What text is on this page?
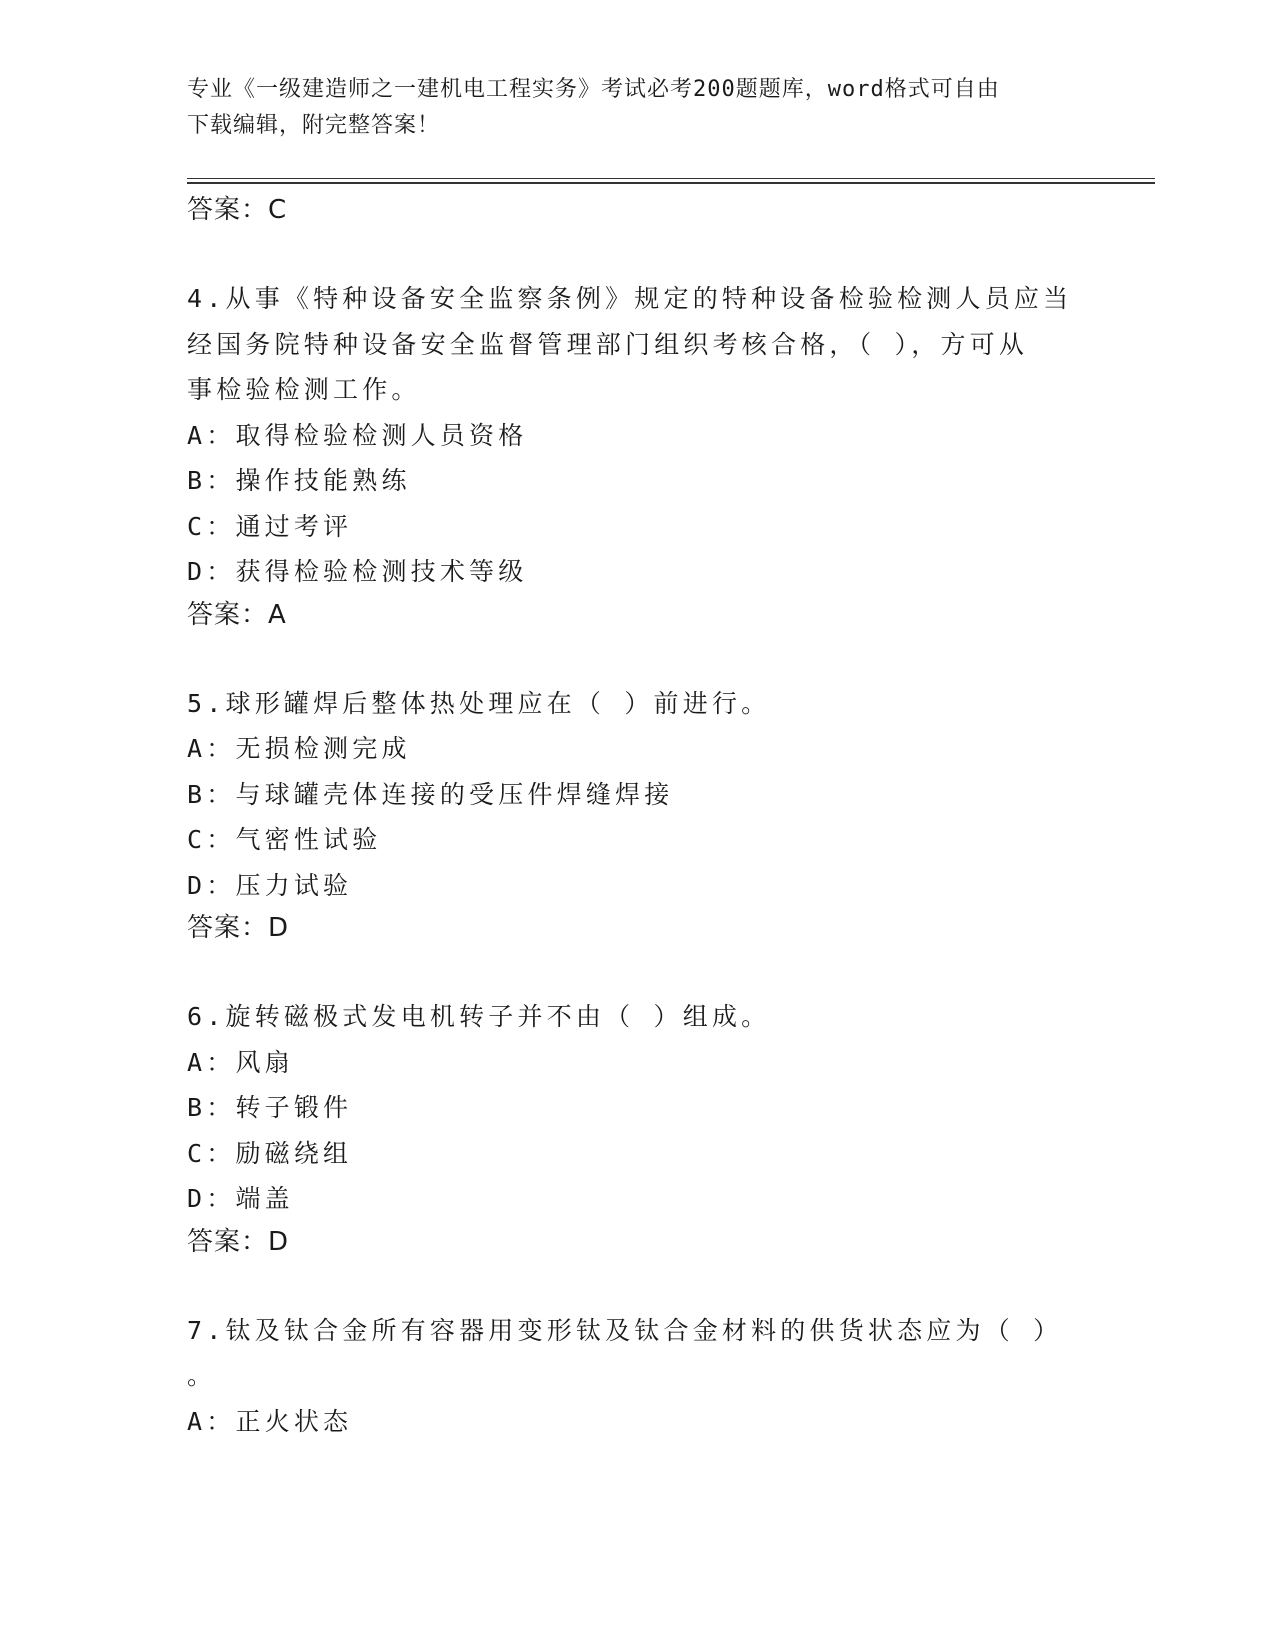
专业《一级建造师之一建机电工程实务》考试必考200题题库，word格式可自由
下载编辑，附完整答案！
答案：C
4.从事《特种设备安全监察条例》规定的特种设备检验检测人员应当
经国务院特种设备安全监督管理部门组织考核合格，（ ），方可从
事检验检测工作。
A：取得检验检测人员资格
B：操作技能熟练
C：通过考评
D：获得检验检测技术等级
答案：A
5.球形罐焊后整体热处理应在（ ）前进行。
A：无损检测完成
B：与球罐壳体连接的受压件焊缝焊接
C：气密性试验
D：压力试验
答案：D
6.旋转磁极式发电机转子并不由（ ）组成。
A：风扇
B：转子锻件
C：励磁绕组
D：端盖
答案：D
7.钛及钛合金所有容器用变形钛及钛合金材料的供货状态应为（ ）
。
A：正火状态
